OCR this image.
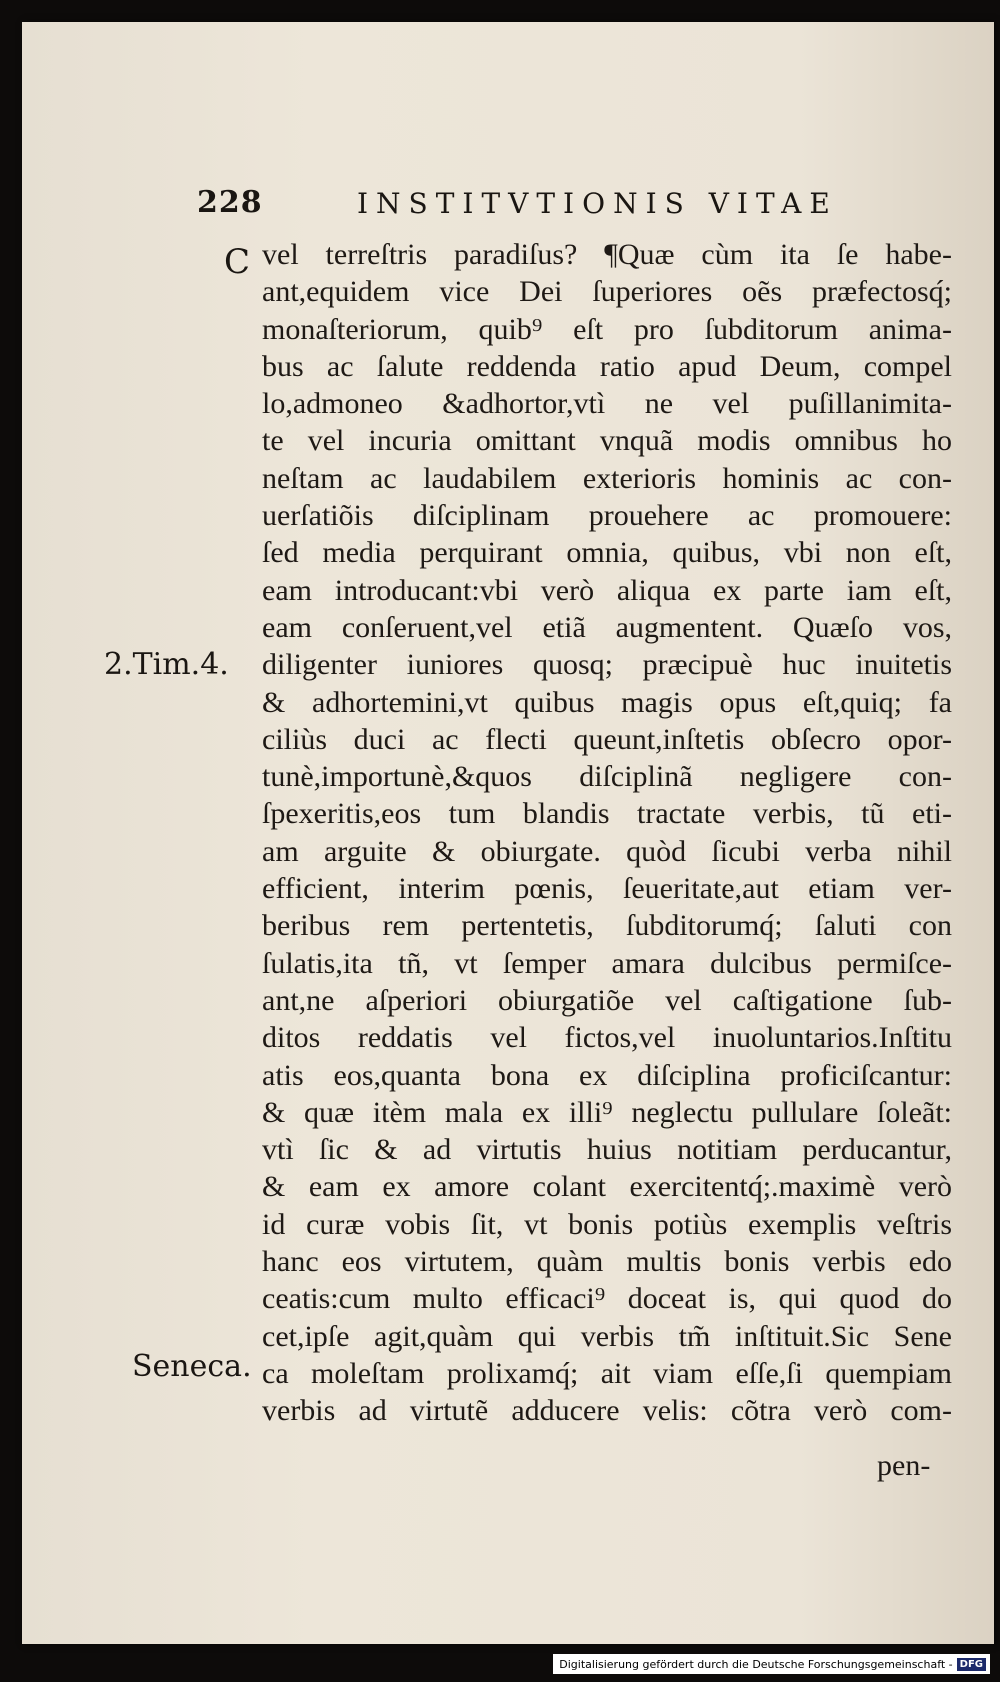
228	INSTITVTIONIS VITAE
C
2.Tim.4.
Seneca.
vel terreſtris paradiſus? ¶Quæ cùm ita ſe habe-
ant,equidem vice Dei ſuperiores oẽs præfectosq́;
monaſteriorum, quib⁹ eſt pro ſubditorum anima-
bus ac ſalute reddenda ratio apud Deum, compel
lo,admoneo &adhortor,vtì ne vel puſillanimita-
te vel incuria omittant vnquã modis omnibus ho
neſtam ac laudabilem exterioris hominis ac con-
uerſatiõis diſciplinam prouehere ac promouere:
ſed media perquirant omnia, quibus, vbi non eſt,
eam introducant:vbi verò aliqua ex parte iam eſt,
eam conſeruent,vel etiã augmentent. Quæſo vos,
diligenter iuniores quosq; præcipuè huc inuitetis
& adhortemini,vt quibus magis opus eſt,quiq; fa
ciliùs duci ac flecti queunt,inſtetis obſecro opor-
tunè,importunè,&quos diſciplinã negligere con-
ſpexeritis,eos tum blandis tractate verbis, tũ eti-
am arguite & obiurgate. quòd ſicubi verba nihil
efficient, interim pœnis, ſeueritate,aut etiam ver-
beribus rem pertentetis, ſubditorumq́; ſaluti con
ſulatis,ita tñ, vt ſemper amara dulcibus permiſce-
ant,ne aſperiori obiurgatiõe vel caſtigatione ſub-
ditos reddatis vel fictos,vel inuoluntarios.Inſtitu
atis eos,quanta bona ex diſciplina proficiſcantur:
& quæ itèm mala ex illi⁹ neglectu pullulare ſoleãt:
vtì ſic & ad virtutis huius notitiam perducantur,
& eam ex amore colant exercitentq́;.maximè verò
id curæ vobis ſit, vt bonis potiùs exemplis veſtris
hanc eos virtutem, quàm multis bonis verbis edo
ceatis:cum multo efficaci⁹ doceat is, qui quod do
cet,ipſe agit,quàm qui verbis tm̃ inſtituit.Sic Sene
ca moleſtam prolixamq́; ait viam eſſe,ſi quempiam
verbis ad virtutẽ adducere velis: cõtra verò com-
pen-
Digitalisierung gefördert durch die Deutsche Forschungsgemeinschaft - DFG
